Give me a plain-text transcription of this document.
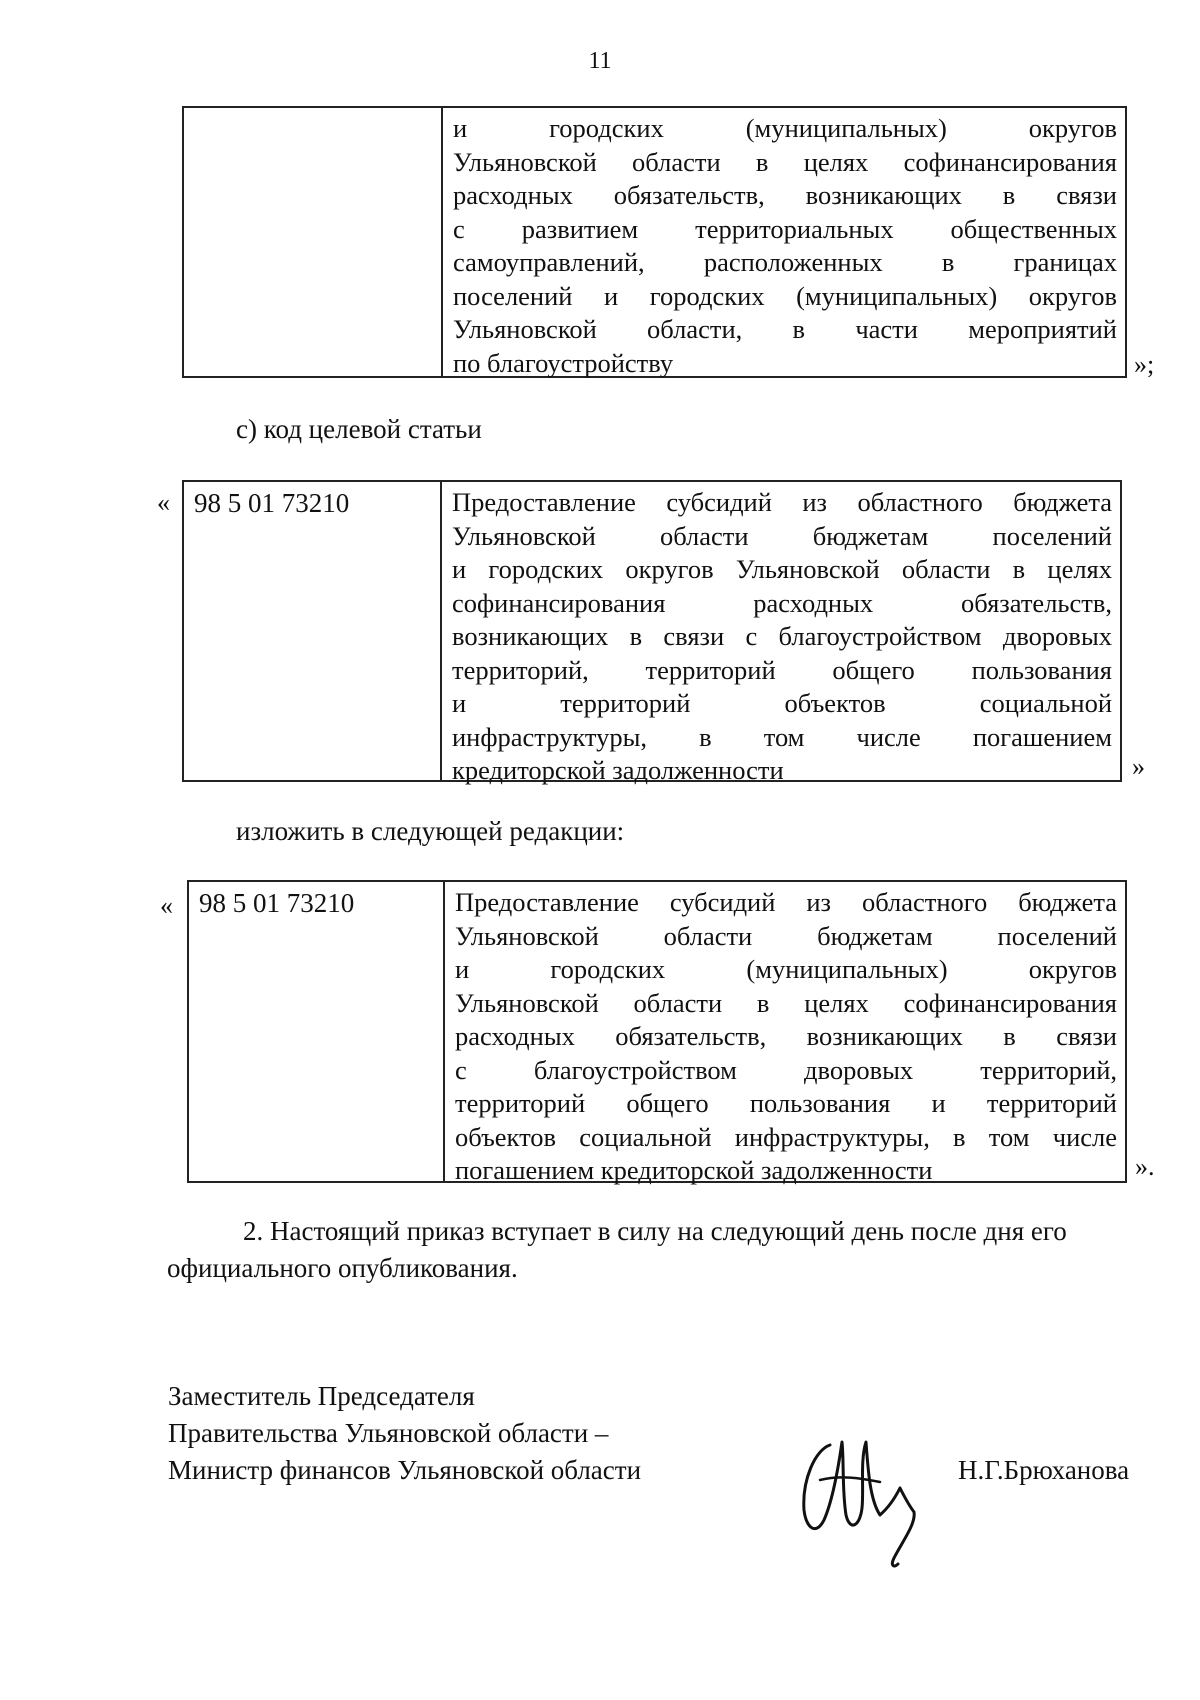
11
и городских (муниципальных) округов
Ульяновской области в целях софинансирования
расходных обязательств, возникающих в связи
с развитием территориальных общественных
самоуправлений, расположенных в границах
поселений и городских (муниципальных) округов
Ульяновской области, в части мероприятий
по благоустройству	»;
с) код целевой статьи
« 98 5 01 73210	Предоставление субсидий из областного бюджета
Ульяновской области бюджетам поселений
и городских округов Ульяновской области в целях
софинансирования расходных обязательств,
возникающих в связи с благоустройством дворовых
территорий, территорий общего пользования
и территорий объектов социальной
инфраструктуры, в том числе погашением
кредиторской задолженности	»
изложить в следующей редакции:
« 98 5 01 73210	Предоставление субсидий из областного бюджета
Ульяновской области бюджетам поселений
и городских (муниципальных) округов
Ульяновской области в целях софинансирования
расходных обязательств, возникающих в связи
с благоустройством дворовых территорий,
территорий общего пользования и территорий
объектов социальной инфраструктуры, в том числе
погашением кредиторской задолженности	».
2. Настоящий приказ вступает в силу на следующий день после дня его
официального опубликования.
Заместитель Председателя
Правительства Ульяновской области –
Министр финансов Ульяновской области	Н.Г.Брюханова
